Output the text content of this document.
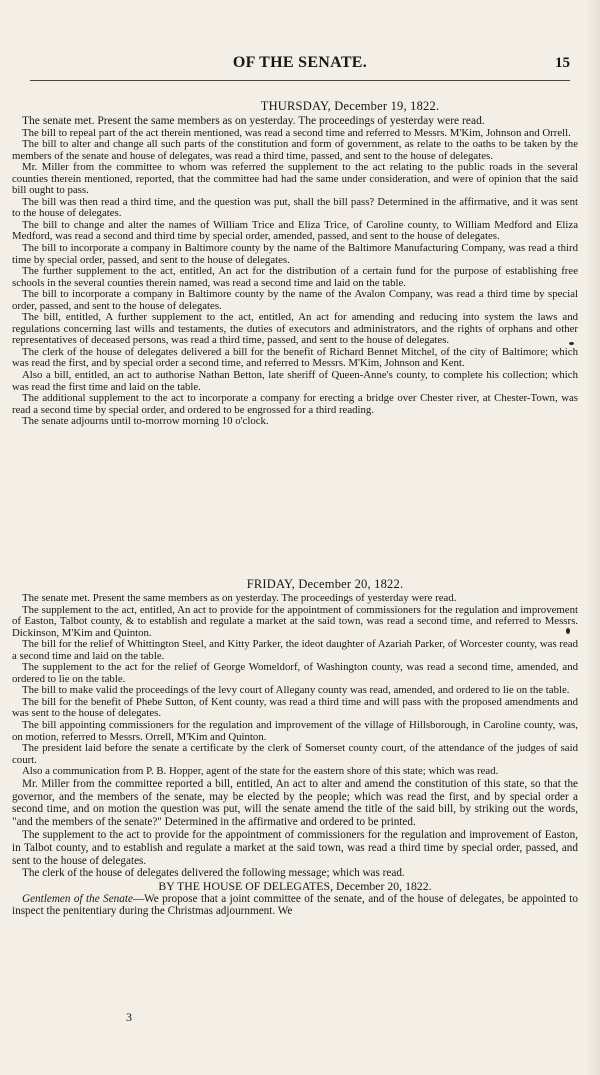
OF THE SENATE.	15
THURSDAY, December 19, 1822.

The senate met. Present the same members as on yesterday. The proceedings of yesterday were read.

The bill to repeal part of the act therein mentioned, was read a second time and referred to Messrs. M'Kim, Johnson and Orrell.

The bill to alter and change all such parts of the constitution and form of government, as relate to the oaths to be taken by the members of the senate and house of delegates, was read a third time, passed, and sent to the house of delegates.

Mr. Miller from the committee to whom was referred the supplement to the act relating to the public roads in the several counties therein mentioned, reported, that the committee had had the same under consideration, and were of opinion that the said bill ought to pass.

The bill was then read a third time, and the question was put, shall the bill pass? Determined in the affirmative, and it was sent to the house of delegates.

The bill to change and alter the names of William Trice and Eliza Trice, of Caroline county, to William Medford and Eliza Medford, was read a second and third time by special order, amended, passed, and sent to the house of delegates.

The bill to incorporate a company in Baltimore county by the name of the Baltimore Manufacturing Company, was read a third time by special order, passed, and sent to the house of delegates.

The further supplement to the act, entitled, An act for the distribution of a certain fund for the purpose of establishing free schools in the several counties therein named, was read a second time and laid on the table.

The bill to incorporate a company in Baltimore county by the name of the Avalon Company, was read a third time by special order, passed, and sent to the house of delegates.

The bill, entitled, A further supplement to the act, entitled, An act for amending and reducing into system the laws and regulations concerning last wills and testaments, the duties of executors and administrators, and the rights of orphans and other representatives of deceased persons, was read a third time, passed, and sent to the house of delegates.

The clerk of the house of delegates delivered a bill for the benefit of Richard Bennet Mitchel, of the city of Baltimore; which was read the first, and by special order a second time, and referred to Messrs. M'Kim, Johnson and Kent.

Also a bill, entitled, an act to authorise Nathan Betton, late sheriff of Queen-Anne's county, to complete his collection; which was read the first time and laid on the table.

The additional supplement to the act to incorporate a company for erecting a bridge over Chester river, at Chester-Town, was read a second time by special order, and ordered to be engrossed for a third reading.

The senate adjourns until to-morrow morning 10 o'clock.

FRIDAY, December 20, 1822.

The senate met. Present the same members as on yesterday. The proceedings of yesterday were read.

The supplement to the act, entitled, An act to provide for the appointment of commissioners for the regulation and improvement of Easton, Talbot county, & to establish and regulate a market at the said town, was read a second time, and referred to Messrs. Dickinson, M'Kim and Quinton.

The bill for the relief of Whittington Steel, and Kitty Parker, the ideot daughter of Azariah Parker, of Worcester county, was read a second time and laid on the table.

The supplement to the act for the relief of George Womeldorf, of Washington county, was read a second time, amended, and ordered to lie on the table.

The bill to make valid the proceedings of the levy court of Allegany county was read, amended, and ordered to lie on the table.

The bill for the benefit of Phebe Sutton, of Kent county, was read a third time and will pass with the proposed amendments and was sent to the house of delegates.

The bill appointing commissioners for the regulation and improvement of the village of Hillsborough, in Caroline county, was, on motion, referred to Messrs. Orrell, M'Kim and Quinton.

The president laid before the senate a certificate by the clerk of Somerset county court, of the attendance of the judges of said court.

Also a communication from P. B. Hopper, agent of the state for the eastern shore of this state; which was read.

Mr. Miller from the committee reported a bill, entitled, An act to alter and amend the constitution of this state, so that the governor, and the members of the senate, may be elected by the people; which was read the first, and by special order a second time, and on motion the question was put, will the senate amend the title of the said bill, by striking out the words, "and the members of the senate?" Determined in the affirmative and ordered to be printed.

The supplement to the act to provide for the appointment of commissioners for the regulation and improvement of Easton, in Talbot county, and to establish and regulate a market at the said town, was read a third time by special order, passed, and sent to the house of delegates.

The clerk of the house of delegates delivered the following message; which was read.

BY THE HOUSE OF DELEGATES, December 20, 1822.

Gentlemen of the Senate—We propose that a joint committee of the senate, and of the house of delegates, be appointed to inspect the penitentiary during the Christmas adjournment. We

3
